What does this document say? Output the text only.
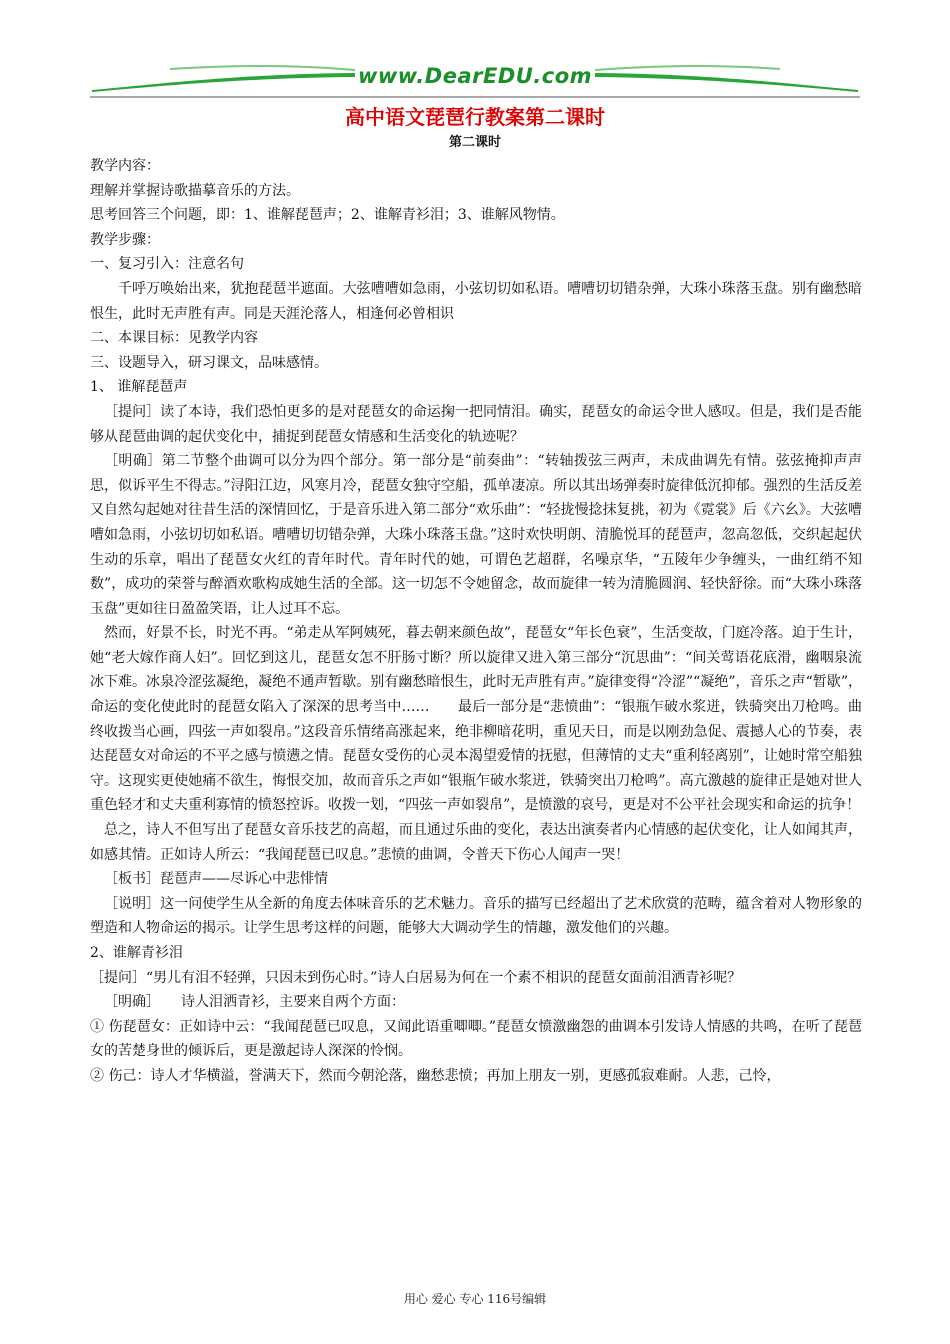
www.DearEDU.com
高中语文琵琶行教案第二课时
第二课时

教学内容：

理解并掌握诗歌描摹音乐的方法。

思考回答三个问题，即：1、谁解琵琶声；2、谁解青衫泪；3、谁解风物情。

教学步骤：

一、复习引入：注意名句

千呼万唤始出来，犹抱琵琶半遮面。大弦嘈嘈如急雨，小弦切切如私语。嘈嘈切切错杂弹，大珠小珠落玉盘。别有幽愁暗恨生，此时无声胜有声。同是天涯沦落人，相逢何必曾相识

二、本课目标：见教学内容

三、设题导入，研习课文，品味感情。

1、 谁解琵琶声

［提问］读了本诗，我们恐怕更多的是对琵琶女的命运掬一把同情泪。确实，琵琶女的命运令世人感叹。但是，我们是否能够从琵琶曲调的起伏变化中，捕捉到琵琶女情感和生活变化的轨迹呢？

［明确］第二节整个曲调可以分为四个部分。第一部分是“前奏曲”：“转轴拨弦三两声，未成曲调先有情。弦弦掩抑声声思，似诉平生不得志。”浔阳江边，风寒月冷，琵琶女独守空船，孤单凄凉。所以其出场弹奏时旋律低沉抑郁。强烈的生活反差又自然勾起她对往昔生活的深情回忆，于是音乐进入第二部分“欢乐曲”：“轻拢慢捻抹复挑，初为《霓裳》后《六幺》。大弦嘈嘈如急雨，小弦切切如私语。嘈嘈切切错杂弹，大珠小珠落玉盘。”这时欢快明朗、清脆悦耳的琵琶声，忽高忽低，交织起起伏生动的乐章，唱出了琵琶女火红的青年时代。青年时代的她，可谓色艺超群，名噪京华，“五陵年少争缠头，一曲红绡不知数”，成功的荣誉与醉酒欢歌构成她生活的全部。这一切怎不令她留念，故而旋律一转为清脆圆润、轻快舒徐。而“大珠小珠落玉盘”更如往日盈盈笑语，让人过耳不忘。

然而，好景不长，时光不再。“弟走从军阿姨死，暮去朝来颜色故”，琵琶女“年长色衰”，生活变故，门庭冷落。迫于生计，她“老大嫁作商人妇”。回忆到这儿，琵琶女怎不肝肠寸断？所以旋律又进入第三部分“沉思曲”：“间关莺语花底滑，幽咽泉流冰下难。冰泉冷涩弦凝绝，凝绝不通声暂歇。别有幽愁暗恨生，此时无声胜有声。”旋律变得“冷涩”“凝绝”，音乐之声“暂歇”，命运的变化使此时的琵琶女陷入了深深的思考当中……　　最后一部分是“悲愤曲”：“银瓶乍破水浆迸，铁骑突出刀枪鸣。曲终收拨当心画，四弦一声如裂帛。”这段音乐情绪高涨起来，绝非柳暗花明，重见天日，而是以刚劲急促、震撼人心的节奏，表达琵琶女对命运的不平之感与愤懑之情。琵琶女受伤的心灵本渴望爱情的抚慰，但薄情的丈夫“重利轻离别”，让她时常空船独守。这现实更使她痛不欲生，悔恨交加，故而音乐之声如“银瓶乍破水浆迸，铁骑突出刀枪鸣”。高亢激越的旋律正是她对世人重色轻才和丈夫重利寡情的愤怒控诉。收拨一划，“四弦一声如裂帛”，是愤激的哀号，更是对不公平社会现实和命运的抗争！

总之，诗人不但写出了琵琶女音乐技艺的高超，而且通过乐曲的变化，表达出演奏者内心情感的起伏变化，让人如闻其声，如感其情。正如诗人所云：“我闻琵琶已叹息。”悲愤的曲调，令普天下伤心人闻声一哭！

［板书］琵琶声——尽诉心中悲悱情

［说明］这一问使学生从全新的角度去体味音乐的艺术魅力。音乐的描写已经超出了艺术欣赏的范畴，蕴含着对人物形象的塑造和人物命运的揭示。让学生思考这样的问题，能够大大调动学生的情趣，激发他们的兴趣。

2、谁解青衫泪

［提问］“男儿有泪不轻弹，只因未到伤心时。”诗人白居易为何在一个素不相识的琵琶女面前泪洒青衫呢？

［明确］　　诗人泪洒青衫，主要来自两个方面：

① 伤琵琶女：正如诗中云：“我闻琵琶已叹息，又闻此语重唧唧。”琵琶女愤激幽怨的曲调本引发诗人情感的共鸣，在听了琵琶女的苦楚身世的倾诉后，更是激起诗人深深的怜悯。

② 伤己：诗人才华横溢，誉满天下，然而今朝沦落，幽愁悲愤；再加上朋友一别，更感孤寂难耐。人悲，己怜，

用心 爱心 专心 116号编辑
